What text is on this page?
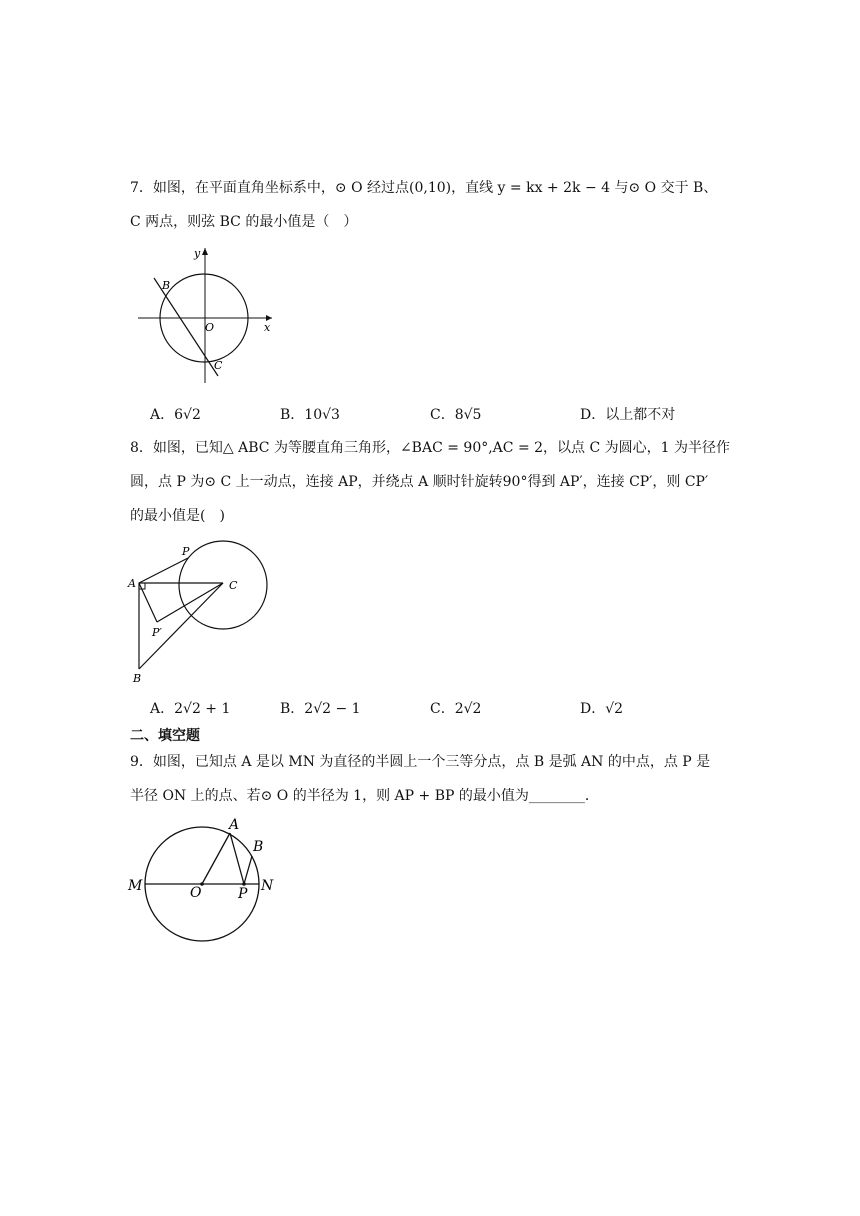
7．如图，在平面直角坐标系中，⊙ O 经过点(0,10)，直线 y = kx + 2k − 4 与⊙ O 交于 B、
C 两点，则弦 BC 的最小值是（　）
y
x
O
B
C
A．6√2	B．10√3	C．8√5	D．以上都不对
8．如图，已知△ ABC 为等腰直角三角形，∠BAC = 90°,AC = 2，以点 C 为圆心，1 为半径作
圆，点 P 为⊙ C 上一动点，连接 AP，并绕点 A 顺时针旋转90°得到 AP′，连接 CP′，则 CP′
的最小值是(　)
P
A	C
P′
B
A．2√2 + 1	B．2√2 − 1	C．2√2	D．√2
二、填空题
9．如图，已知点 A 是以 MN 为直径的半圆上一个三等分点，点 B 是弧 AN 的中点，点 P 是
半径 ON 上的点、若⊙ O 的半径为 1，则 AP + BP 的最小值为________．
A
B
M	O	P N
